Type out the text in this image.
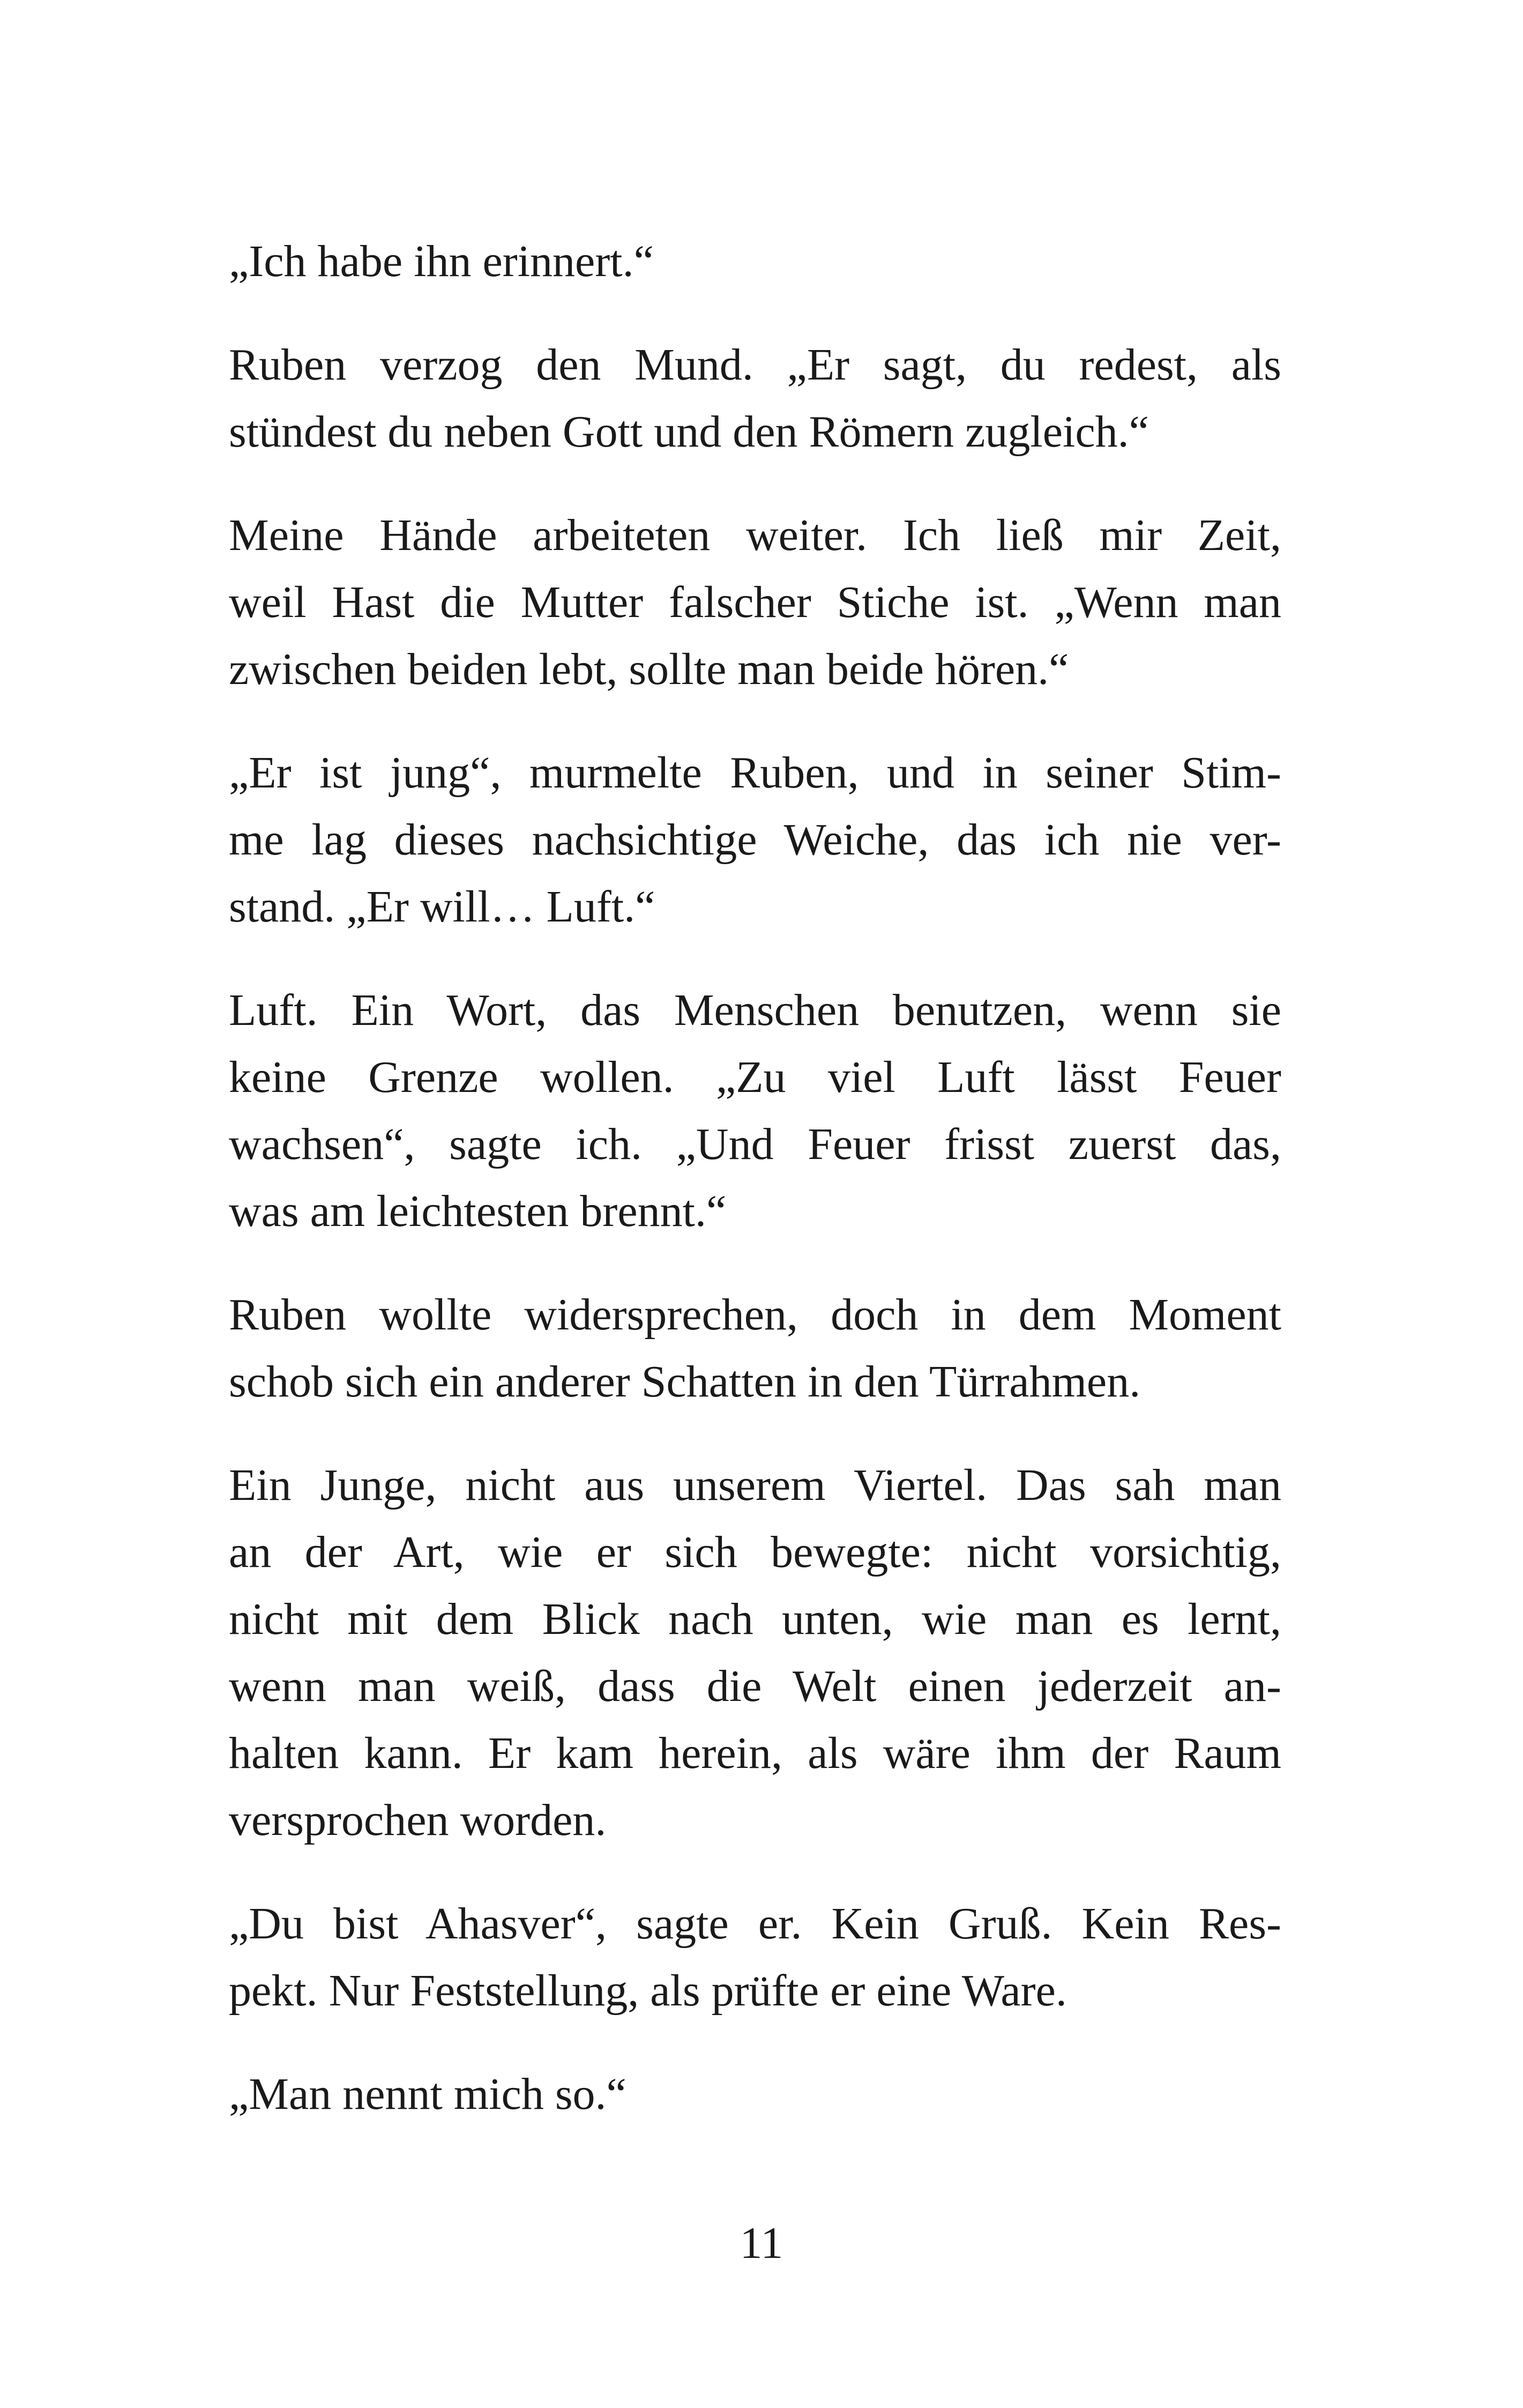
„Ich habe ihn erinnert.“
Ruben verzog den Mund. „Er sagt, du redest, als
stündest du neben Gott und den Römern zugleich.“
Meine Hände arbeiteten weiter. Ich ließ mir Zeit,
weil Hast die Mutter falscher Stiche ist. „Wenn man
zwischen beiden lebt, sollte man beide hören.“
„Er ist jung“, murmelte Ruben, und in seiner Stim-
me lag dieses nachsichtige Weiche, das ich nie ver-
stand. „Er will… Luft.“
Luft. Ein Wort, das Menschen benutzen, wenn sie
keine Grenze wollen. „Zu viel Luft lässt Feuer
wachsen“, sagte ich. „Und Feuer frisst zuerst das,
was am leichtesten brennt.“
Ruben wollte widersprechen, doch in dem Moment
schob sich ein anderer Schatten in den Türrahmen.
Ein Junge, nicht aus unserem Viertel. Das sah man
an der Art, wie er sich bewegte: nicht vorsichtig,
nicht mit dem Blick nach unten, wie man es lernt,
wenn man weiß, dass die Welt einen jederzeit an-
halten kann. Er kam herein, als wäre ihm der Raum
versprochen worden.
„Du bist Ahasver“, sagte er. Kein Gruß. Kein Res-
pekt. Nur Feststellung, als prüfte er eine Ware.
„Man nennt mich so.“
11
